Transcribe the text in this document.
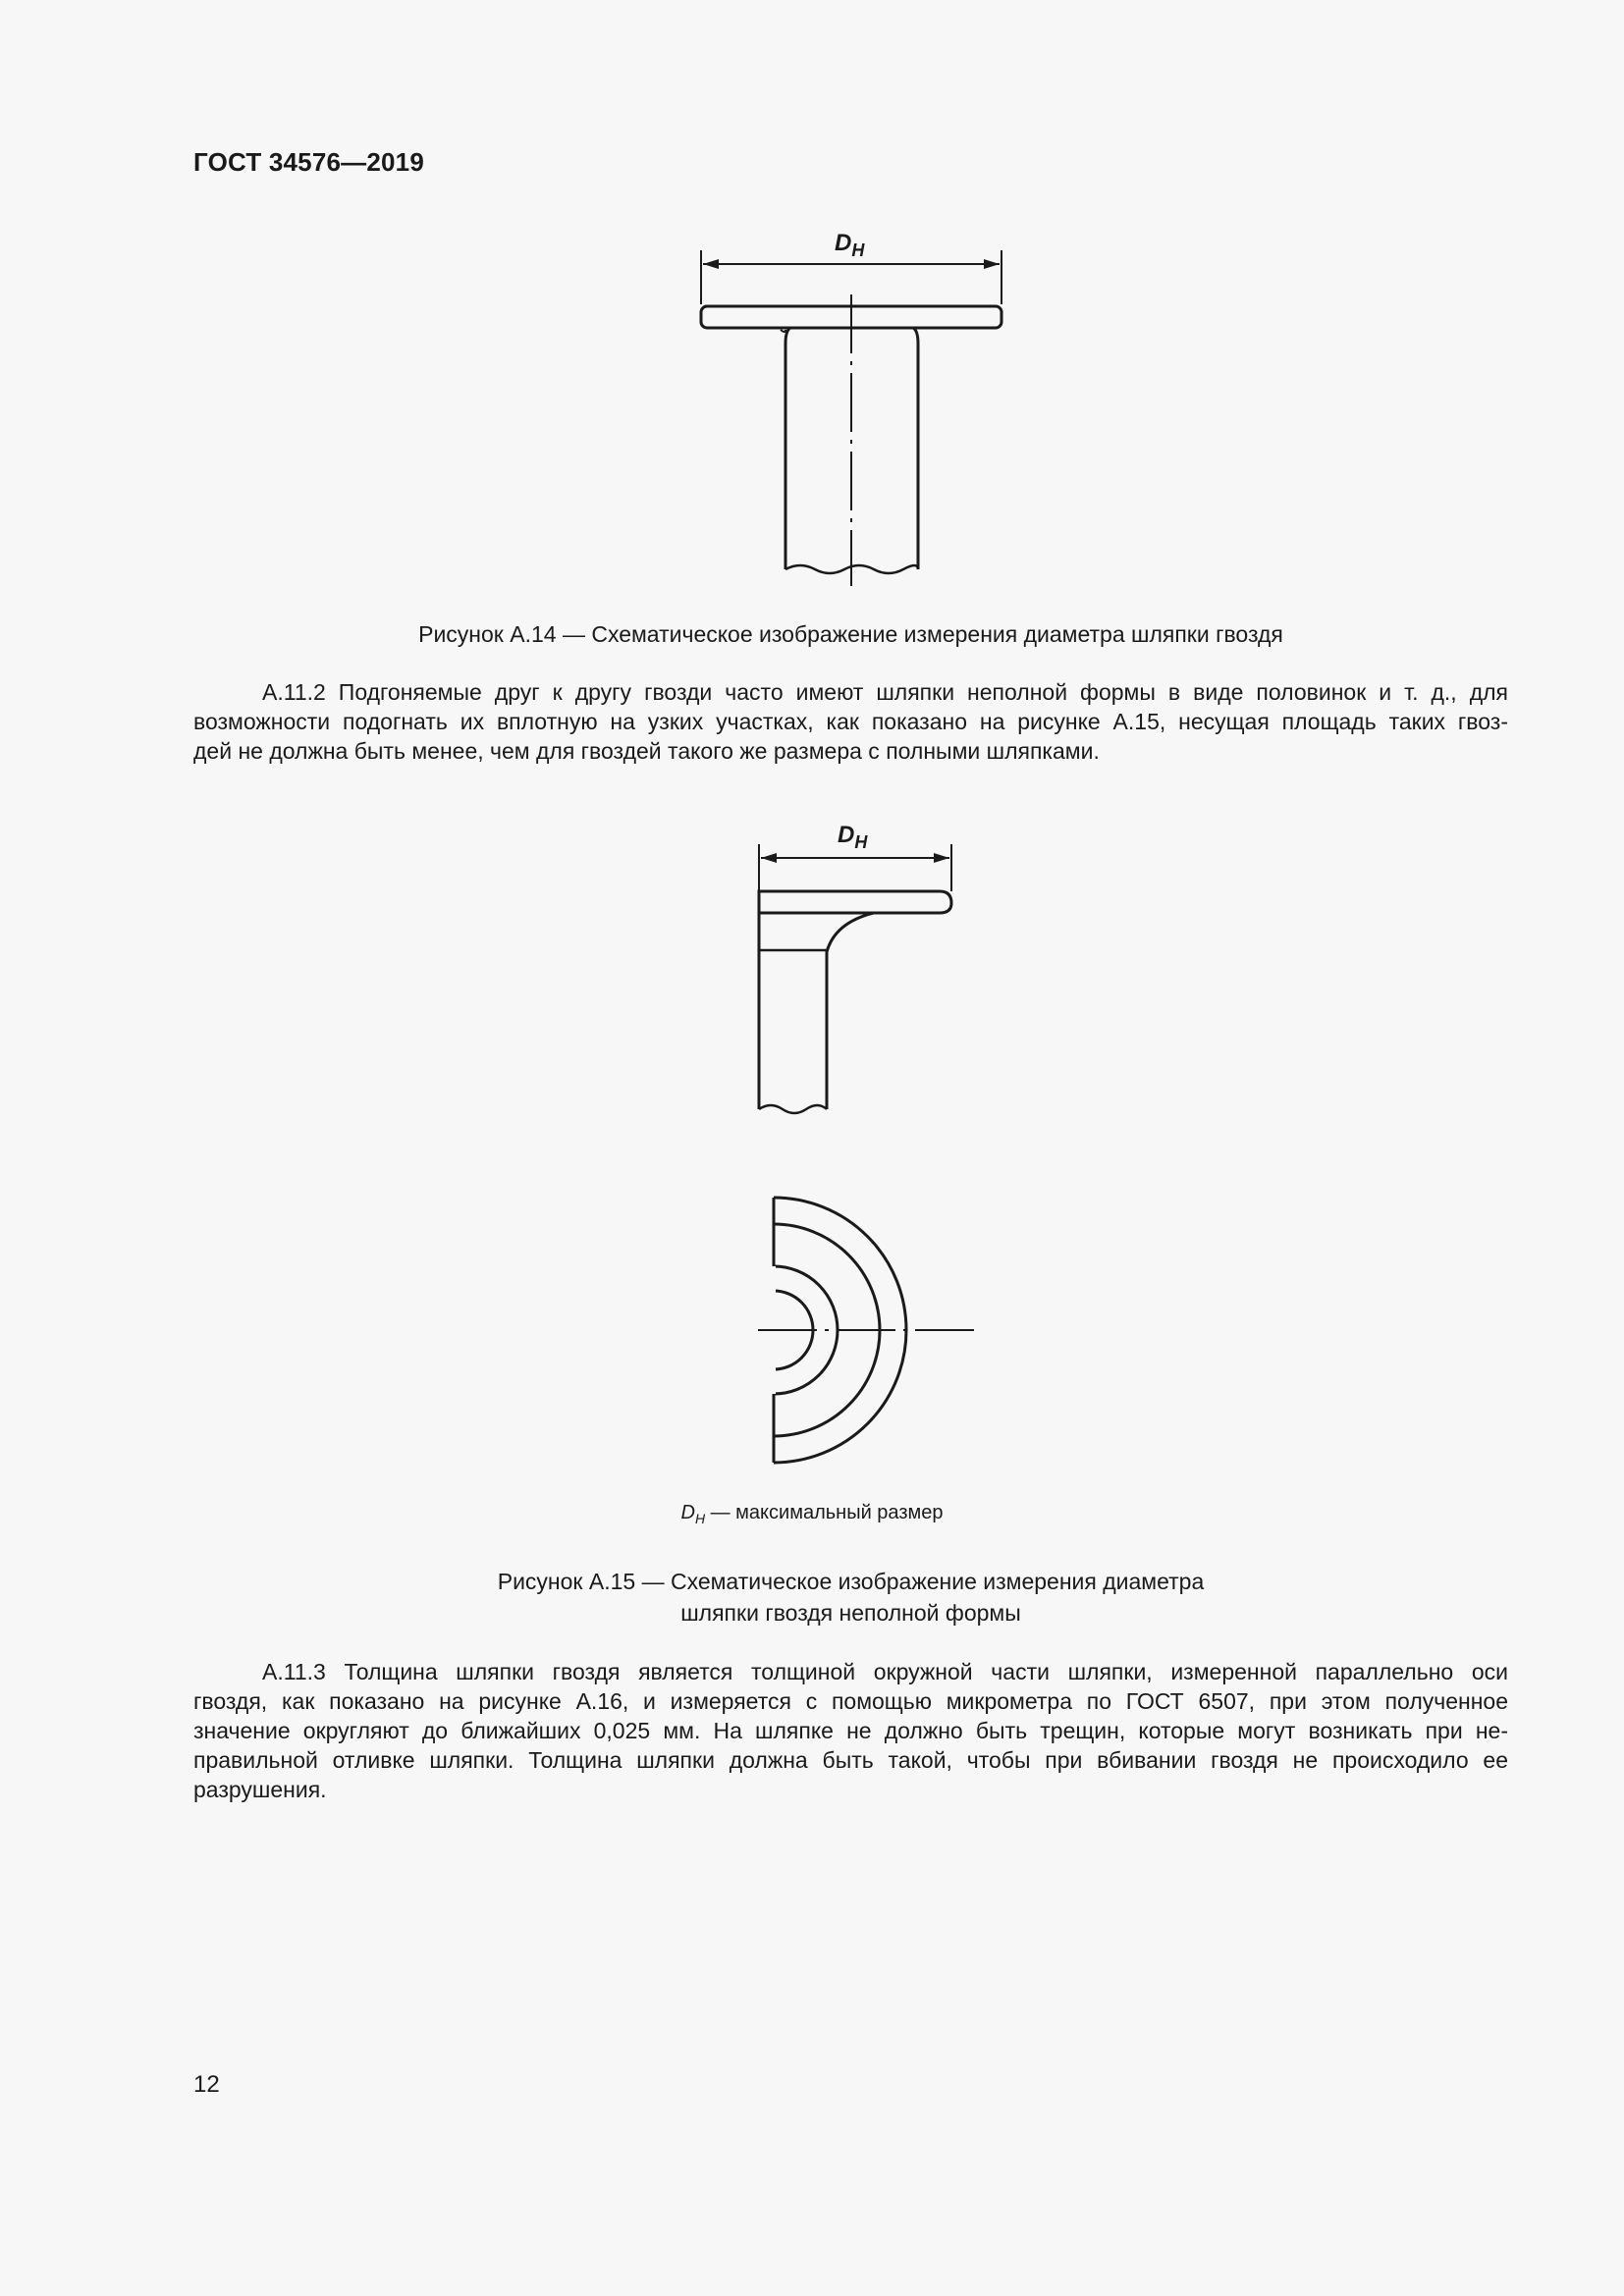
ГОСТ 34576—2019
$D_H$
Рисунок А.14 — Схематическое изображение измерения диаметра шляпки гвоздя
А.11.2 Подгоняемые друг к другу гвозди часто имеют шляпки неполной формы в виде половинок и т. д., для
возможности подогнать их вплотную на узких участках, как показано на рисунке А.15, несущая площадь таких гвоз-
дей не должна быть менее, чем для гвоздей такого же размера с полными шляпками.
$D_H$
$D_H$ — максимальный размер
Рисунок А.15 — Схематическое изображение измерения диаметра
шляпки гвоздя неполной формы
А.11.3 Толщина шляпки гвоздя является толщиной окружной части шляпки, измеренной параллельно оси
гвоздя, как показано на рисунке А.16, и измеряется с помощью микрометра по ГОСТ 6507, при этом полученное
значение округляют до ближайших 0,025 мм. На шляпке не должно быть трещин, которые могут возникать при не-
правильной отливке шляпки. Толщина шляпки должна быть такой, чтобы при вбивании гвоздя не происходило ее
разрушения.
12
